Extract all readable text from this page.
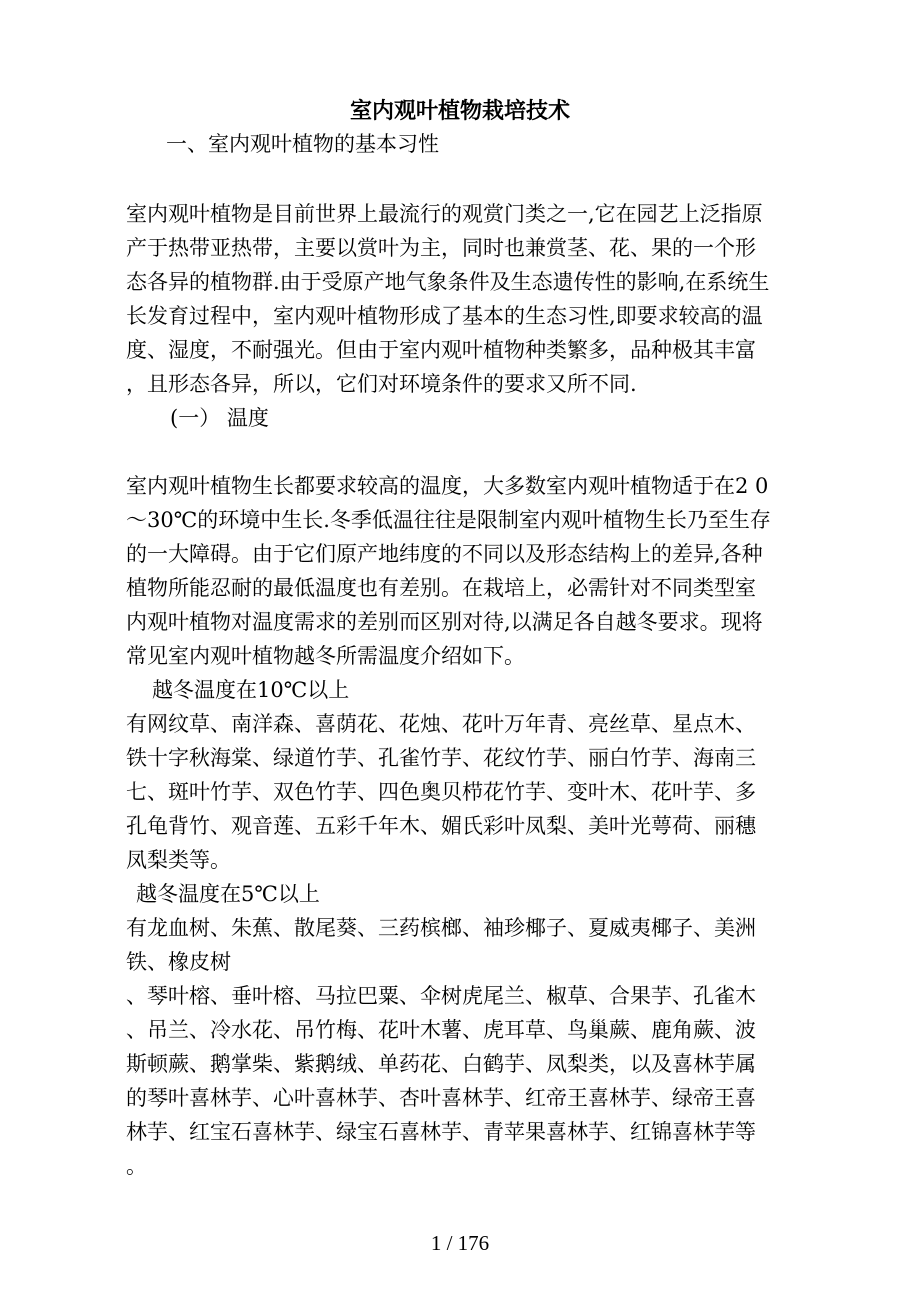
室内观叶植物栽培技术
一、室内观叶植物的基本习性
室内观叶植物是目前世界上最流行的观赏门类之一,它在园艺上泛指原
产于热带亚热带，主要以赏叶为主，同时也兼赏茎、花、果的一个形
态各异的植物群.由于受原产地气象条件及生态遗传性的影响,在系统生
长发育过程中，室内观叶植物形成了基本的生态习性,即要求较高的温
度、湿度，不耐强光。但由于室内观叶植物种类繁多，品种极其丰富
，且形态各异，所以，它们对环境条件的要求又所不同.
(一） 温度
室内观叶植物生长都要求较高的温度，大多数室内观叶植物适于在2 0
～30℃的环境中生长.冬季低温往往是限制室内观叶植物生长乃至生存
的一大障碍。由于它们原产地纬度的不同以及形态结构上的差异,各种
植物所能忍耐的最低温度也有差别。在栽培上，必需针对不同类型室
内观叶植物对温度需求的差别而区别对待,以满足各自越冬要求。现将
常见室内观叶植物越冬所需温度介绍如下。
越冬温度在10℃以上
有网纹草、南洋森、喜荫花、花烛、花叶万年青、亮丝草、星点木、
铁十字秋海棠、绿道竹芋、孔雀竹芋、花纹竹芋、丽白竹芋、海南三
七、斑叶竹芋、双色竹芋、四色奥贝栉花竹芋、变叶木、花叶芋、多
孔龟背竹、观音莲、五彩千年木、媚氏彩叶凤梨、美叶光萼荷、丽穗
凤梨类等。
越冬温度在5℃以上
有龙血树、朱蕉、散尾葵、三药槟榔、袖珍椰子、夏威夷椰子、美洲
铁、橡皮树
、琴叶榕、垂叶榕、马拉巴粟、伞树虎尾兰、椒草、合果芋、孔雀木
、吊兰、冷水花、吊竹梅、花叶木薯、虎耳草、鸟巢蕨、鹿角蕨、波
斯顿蕨、鹅掌柴、紫鹅绒、单药花、白鹤芋、凤梨类，以及喜林芋属
的琴叶喜林芋、心叶喜林芋、杏叶喜林芋、红帝王喜林芋、绿帝王喜
林芋、红宝石喜林芋、绿宝石喜林芋、青苹果喜林芋、红锦喜林芋等
。
1 / 176
